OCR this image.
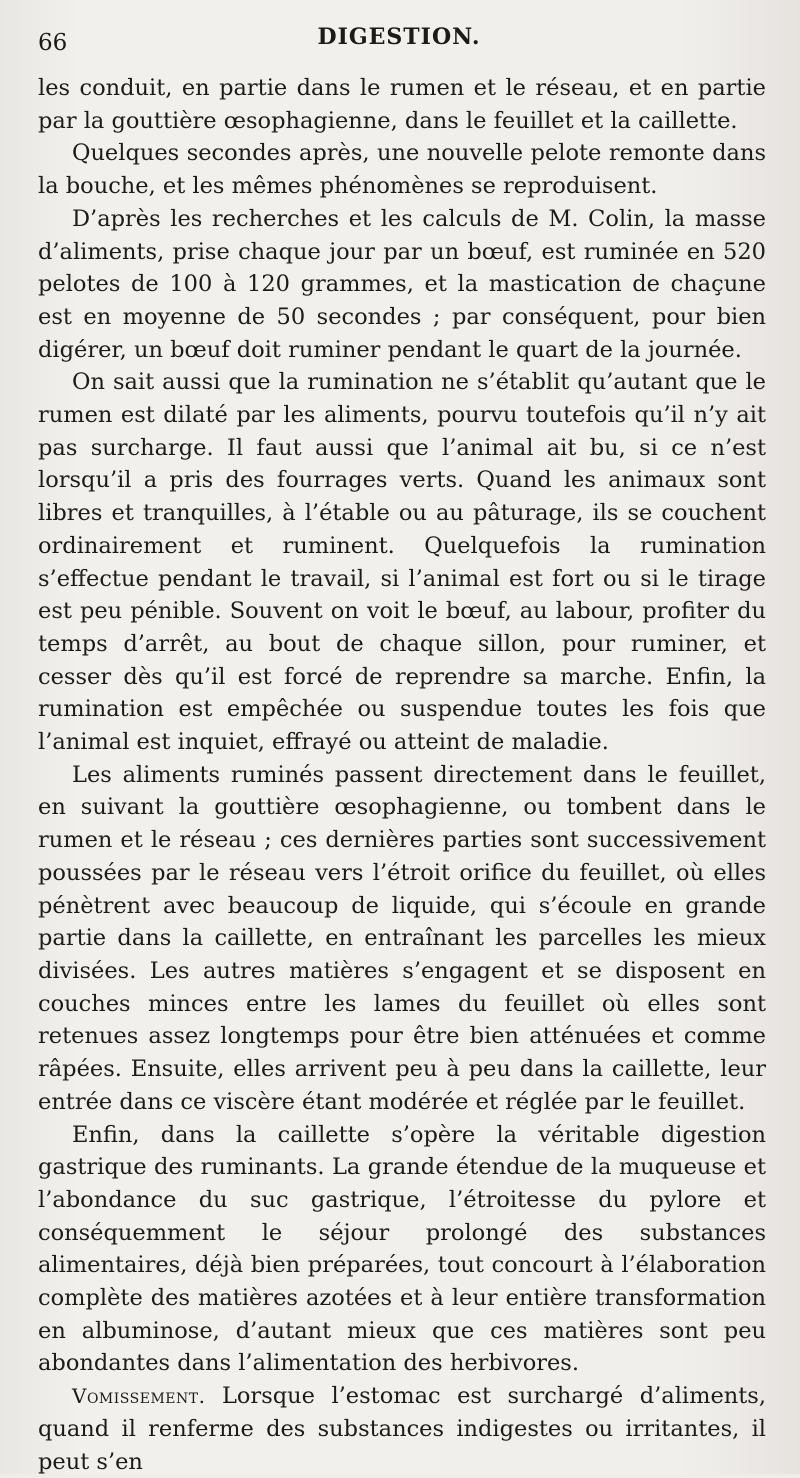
66	DIGESTION.

les conduit, en partie dans le rumen et le réseau, et en partie par la gouttière œsophagienne, dans le feuillet et la caillette.

Quelques secondes après, une nouvelle pelote remonte dans la bouche, et les mêmes phénomènes se reproduisent.

D’après les recherches et les calculs de M. Colin, la masse d’aliments, prise chaque jour par un bœuf, est ruminée en 520 pelotes de 100 à 120 grammes, et la mastication de chaçune est en moyenne de 50 secondes ; par conséquent, pour bien digérer, un bœuf doit ruminer pendant le quart de la journée.

On sait aussi que la rumination ne s’établit qu’autant que le rumen est dilaté par les aliments, pourvu toutefois qu’il n’y ait pas surcharge. Il faut aussi que l’animal ait bu, si ce n’est lorsqu’il a pris des fourrages verts. Quand les animaux sont libres et tranquilles, à l’étable ou au pâturage, ils se couchent ordinairement et ruminent. Quelquefois la rumination s’effectue pendant le travail, si l’animal est fort ou si le tirage est peu pénible. Souvent on voit le bœuf, au labour, profiter du temps d’arrêt, au bout de chaque sillon, pour ruminer, et cesser dès qu’il est forcé de reprendre sa marche. Enfin, la rumination est empêchée ou suspendue toutes les fois que l’animal est inquiet, effrayé ou atteint de maladie.

Les aliments ruminés passent directement dans le feuillet, en suivant la gouttière œsophagienne, ou tombent dans le rumen et le réseau ; ces dernières parties sont successivement poussées par le réseau vers l’étroit orifice du feuillet, où elles pénètrent avec beaucoup de liquide, qui s’écoule en grande partie dans la caillette, en entraînant les parcelles les mieux divisées. Les autres matières s’engagent et se disposent en couches minces entre les lames du feuillet où elles sont retenues assez longtemps pour être bien atténuées et comme râpées. Ensuite, elles arrivent peu à peu dans la caillette, leur entrée dans ce viscère étant modérée et réglée par le feuillet.

Enfin, dans la caillette s’opère la véritable digestion gastrique des ruminants. La grande étendue de la muqueuse et l’abondance du suc gastrique, l’étroitesse du pylore et conséquemment le séjour prolongé des substances alimentaires, déjà bien préparées, tout concourt à l’élaboration complète des matières azotées et à leur entière transformation en albuminose, d’autant mieux que ces matières sont peu abondantes dans l’alimentation des herbivores.

Vomissement. Lorsque l’estomac est surchargé d’aliments, quand il renferme des substances indigestes ou irritantes, il peut s’en
